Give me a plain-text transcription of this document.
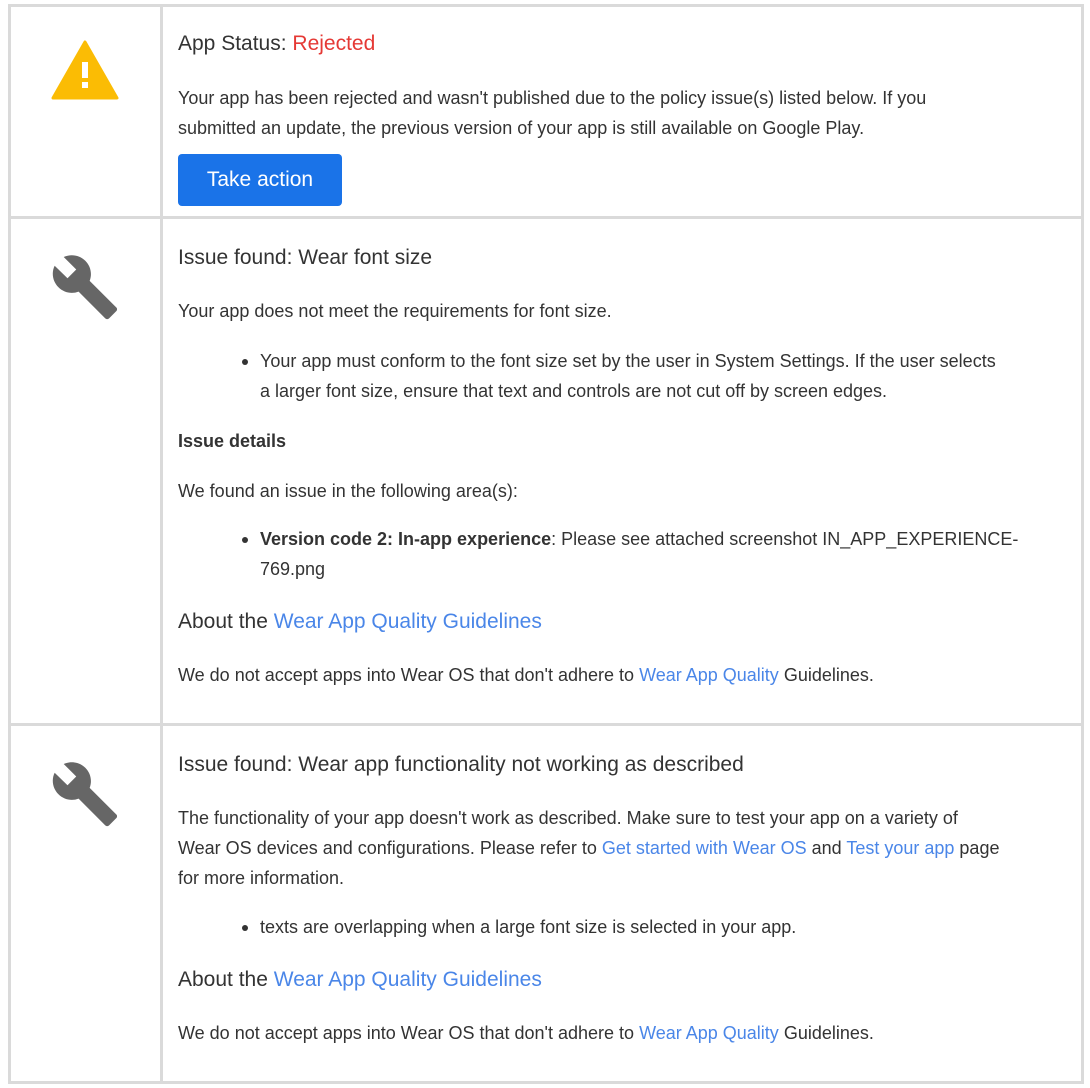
App Status: Rejected

Your app has been rejected and wasn't published due to the policy issue(s) listed below. If you

submitted an update, the previous version of your app is still available on Google Play.

Take action

Issue found: Wear font size

Your app does not meet the requirements for font size.

Your app must conform to the font size set by the user in System Settings. If the user selects
a larger font size, ensure that text and controls are not cut off by screen edges.

Issue details

We found an issue in the following area(s):

Version code 2: In-app experience: Please see attached screenshot IN_APP_EXPERIENCE-
769.png

About the Wear App Quality Guidelines

We do not accept apps into Wear OS that don't adhere to Wear App Quality Guidelines.

Issue found: Wear app functionality not working as described

The functionality of your app doesn't work as described. Make sure to test your app on a variety of

Wear OS devices and configurations. Please refer to Get started with Wear OS and Test your app page

for more information.

texts are overlapping when a large font size is selected in your app.

About the Wear App Quality Guidelines

We do not accept apps into Wear OS that don't adhere to Wear App Quality Guidelines.
